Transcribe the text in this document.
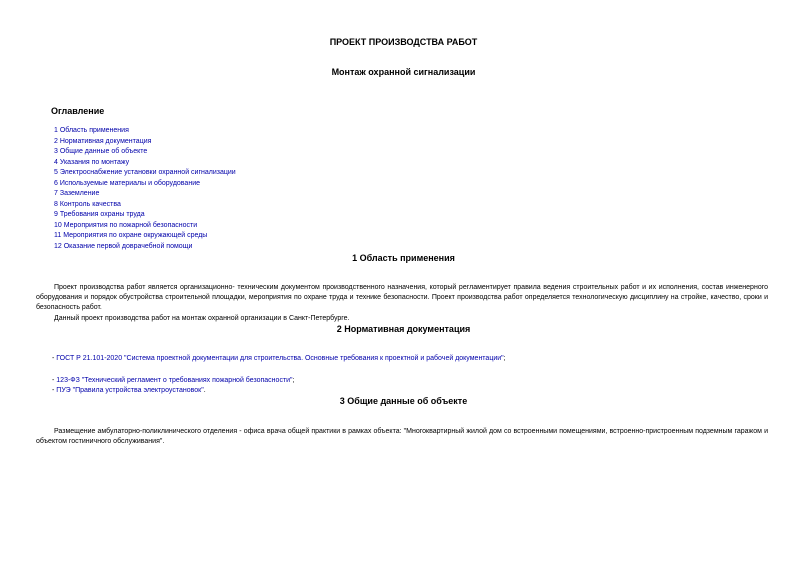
ПРОЕКТ ПРОИЗВОДСТВА РАБОТ
Монтаж охранной сигнализации
Оглавление
1 Область применения
2 Нормативная документация
3 Общие данные об объекте
4 Указания по монтажу
5 Электроснабжение установки охранной сигнализации
6 Используемые материалы и оборудование
7 Заземление
8 Контроль качества
9 Требования охраны труда
10 Мероприятия по пожарной безопасности
11 Мероприятия по охране окружающей среды
12 Оказание первой доврачебной помощи
1 Область применения

Проект производства работ является организационно- техническим документом производственного назначения, который регламентирует правила ведения строительных работ и их исполнения, состав инженерного оборудования и порядок обустройства строительной площадки, мероприятия по охране труда и технике безопасности. Проект производства работ определяется технологическую дисциплину на стройке, качество, сроки и безопасность работ.

Данный проект производства работ на монтаж охранной организации в Санкт-Петербурге.

2 Нормативная документация
- ГОСТ Р 21.101-2020 "Система проектной документации для строительства. Основные требования к проектной и рабочей документации";
- 123-ФЗ "Технический регламент о требованиях пожарной безопасности";
- ПУЭ "Правила устройства электроустановок".
3 Общие данные об объекте

Размещение амбулаторно-поликлинического отделения - офиса врача общей практики в рамках объекта: "Многоквартирный жилой дом со встроенными помещениями, встроенно-пристроенным подземным гаражом и объектом гостиничного обслуживания".
